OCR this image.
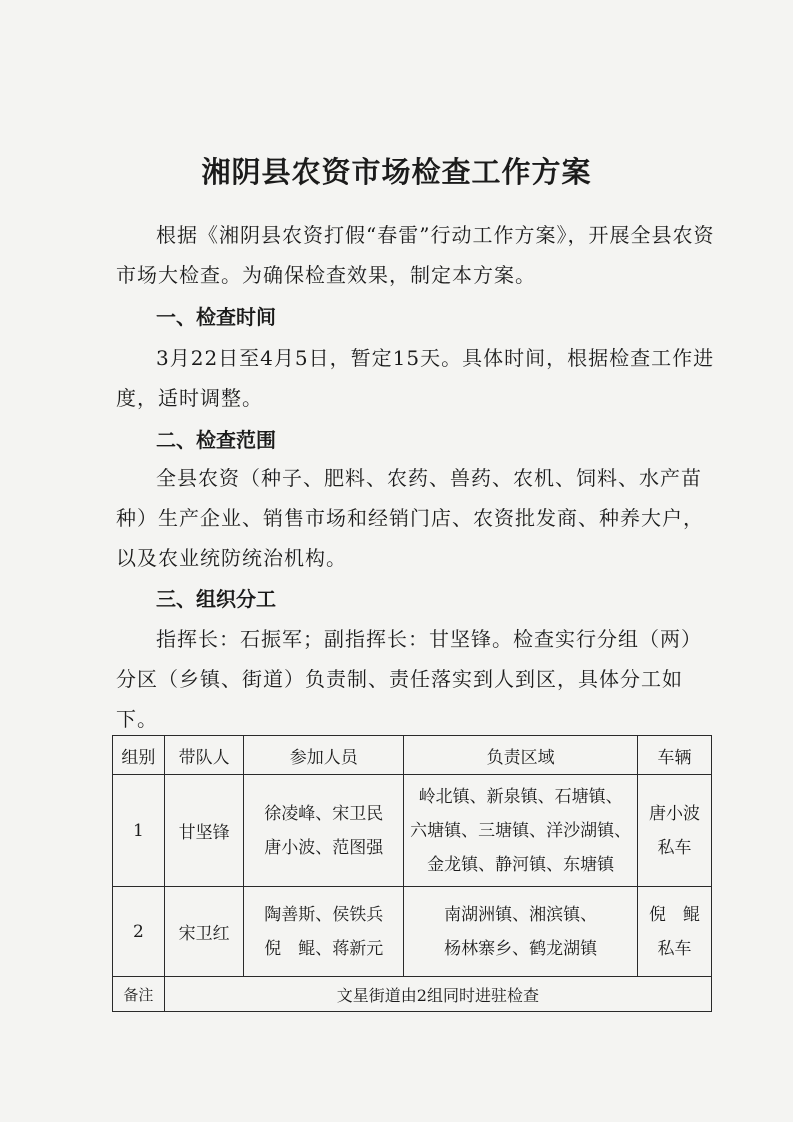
湘阴县农资市场检查工作方案

根据《湘阴县农资打假“春雷”行动工作方案》，开展全县农资市场大检查。为确保检查效果，制定本方案。

一、检查时间

3月22日至4月5日，暂定15天。具体时间，根据检查工作进度，适时调整。

二、检查范围

全县农资（种子、肥料、农药、兽药、农机、饲料、水产苗种）生产企业、销售市场和经销门店、农资批发商、种养大户，以及农业统防统治机构。

三、组织分工

指挥长：石振军；副指挥长：甘坚锋。检查实行分组（两）分区（乡镇、街道）负责制、责任落实到人到区，具体分工如下。

组别	带队人	参加人员	负责区域	车辆
1	甘坚锋	徐凌峰、宋卫民
唐小波、范图强	岭北镇、新泉镇、石塘镇、
六塘镇、三塘镇、洋沙湖镇、
金龙镇、静河镇、东塘镇	唐小波
私车

2	宋卫红	陶善斯、侯铁兵
倪　鲲、蒋新元	南湖洲镇、湘滨镇、
杨林寨乡、鹤龙湖镇	倪　鲲
私车

备注	文星街道由2组同时进驻检查			
